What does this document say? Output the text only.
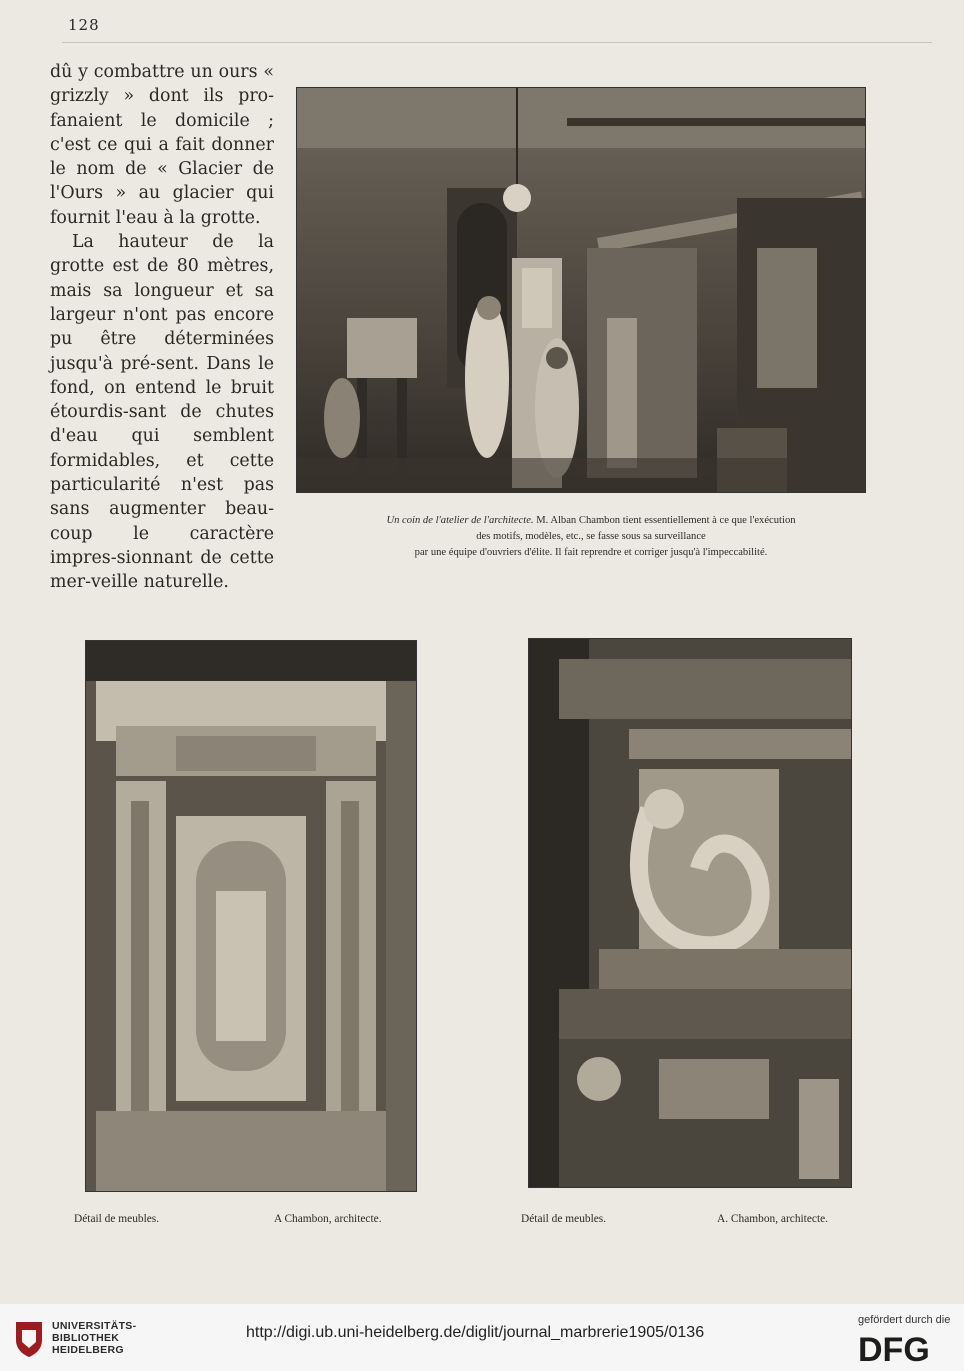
128

dû y combattre un ours « grizzly » dont ils pro-fanaient le domicile ; c'est ce qui a fait donner le nom de « Glacier de l'Ours » au glacier qui fournit l'eau à la grotte.

La hauteur de la grotte est de 80 mètres, mais sa longueur et sa largeur n'ont pas encore pu être déterminées jusqu'à pré-sent. Dans le fond, on entend le bruit étourdis-sant de chutes d'eau qui semblent formidables, et cette particularité n'est pas sans augmenter beau-coup le caractère impres-sionnant de cette mer-veille naturelle.

Un coin de l'atelier de l'architecte. M. Alban Chambon tient essentiellement à ce que l'exécution
des motifs, modèles, etc., se fasse sous sa surveillance
par une équipe d'ouvriers d'élite. Il fait reprendre et corriger jusqu'à l'impeccabilité.
Détail de meubles.	A Chambon, architecte.	Détail de meubles.	A. Chambon, architecte.
UNIVERSITÄTS-
BIBLIOTHEK
HEIDELBERG
http://digi.ub.uni-heidelberg.de/diglit/journal_marbrerie1905/0136
gefördert durch die
DFG
